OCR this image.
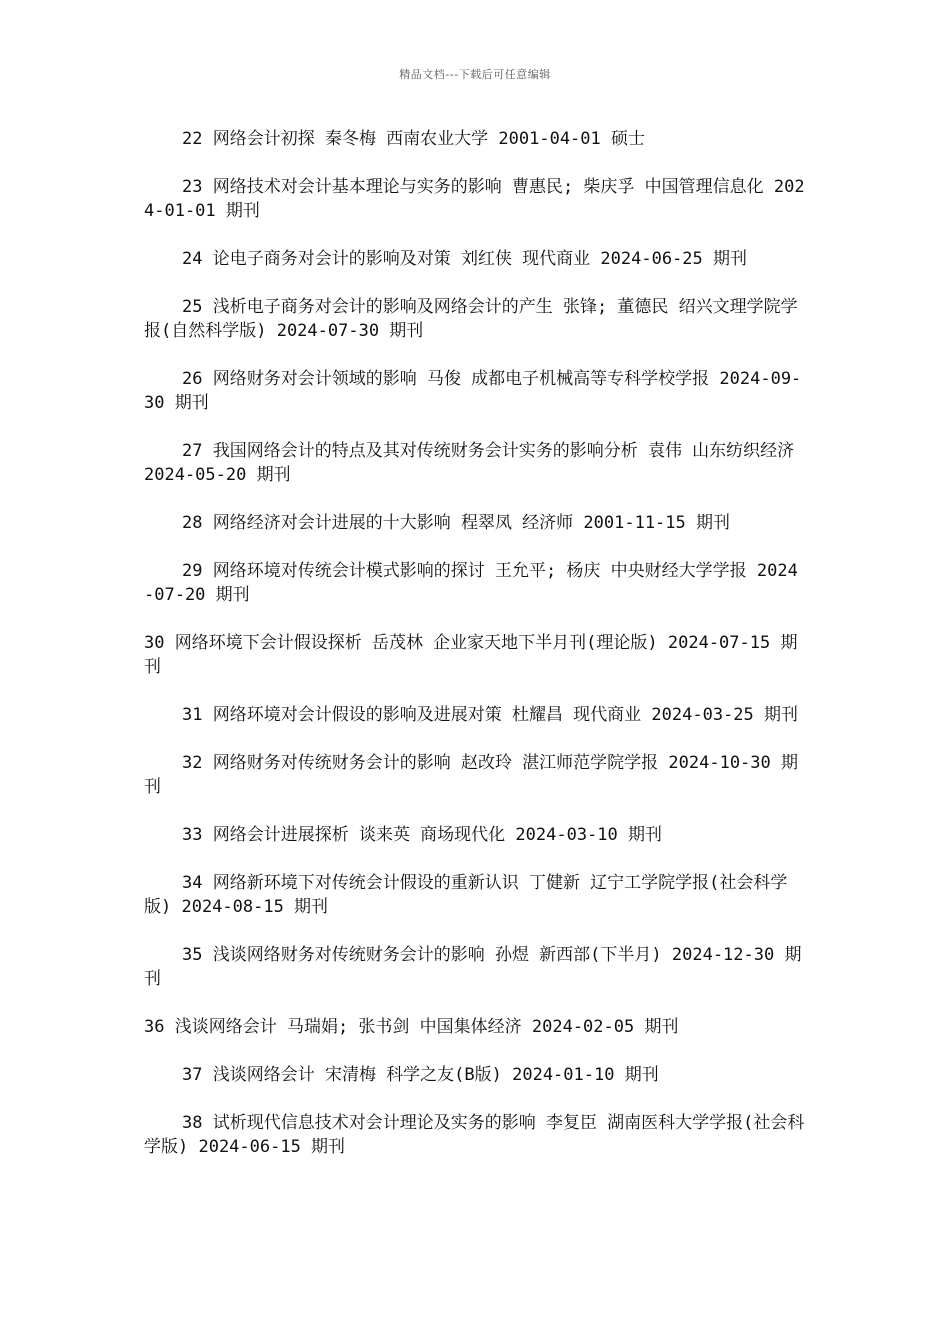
精品文档---下载后可任意编辑

22 网络会计初探 秦冬梅 西南农业大学 2001-04-01 硕士

23 网络技术对会计基本理论与实务的影响 曹惠民; 柴庆孚 中国管理信息化 2024-01-01 期刊

24 论电子商务对会计的影响及对策 刘红侠 现代商业 2024-06-25 期刊

25 浅析电子商务对会计的影响及网络会计的产生 张锋; 董德民 绍兴文理学院学报(自然科学版) 2024-07-30 期刊

26 网络财务对会计领域的影响 马俊 成都电子机械高等专科学校学报 2024-09-30 期刊

27 我国网络会计的特点及其对传统财务会计实务的影响分析 袁伟 山东纺织经济 2024-05-20 期刊

28 网络经济对会计进展的十大影响 程翠凤 经济师 2001-11-15 期刊

29 网络环境对传统会计模式影响的探讨 王允平; 杨庆 中央财经大学学报 2024-07-20 期刊

30 网络环境下会计假设探析 岳茂林 企业家天地下半月刊(理论版) 2024-07-15 期刊

31 网络环境对会计假设的影响及进展对策 杜耀昌 现代商业 2024-03-25 期刊

32 网络财务对传统财务会计的影响 赵改玲 湛江师范学院学报 2024-10-30 期刊

33 网络会计进展探析 谈来英 商场现代化 2024-03-10 期刊

34 网络新环境下对传统会计假设的重新认识 丁健新 辽宁工学院学报(社会科学版) 2024-08-15 期刊

35 浅谈网络财务对传统财务会计的影响 孙煜 新西部(下半月) 2024-12-30 期刊

36 浅谈网络会计 马瑞娟; 张书剑 中国集体经济 2024-02-05 期刊

37 浅谈网络会计 宋清梅 科学之友(B版) 2024-01-10 期刊

38 试析现代信息技术对会计理论及实务的影响 李复臣 湖南医科大学学报(社会科学版) 2024-06-15 期刊
